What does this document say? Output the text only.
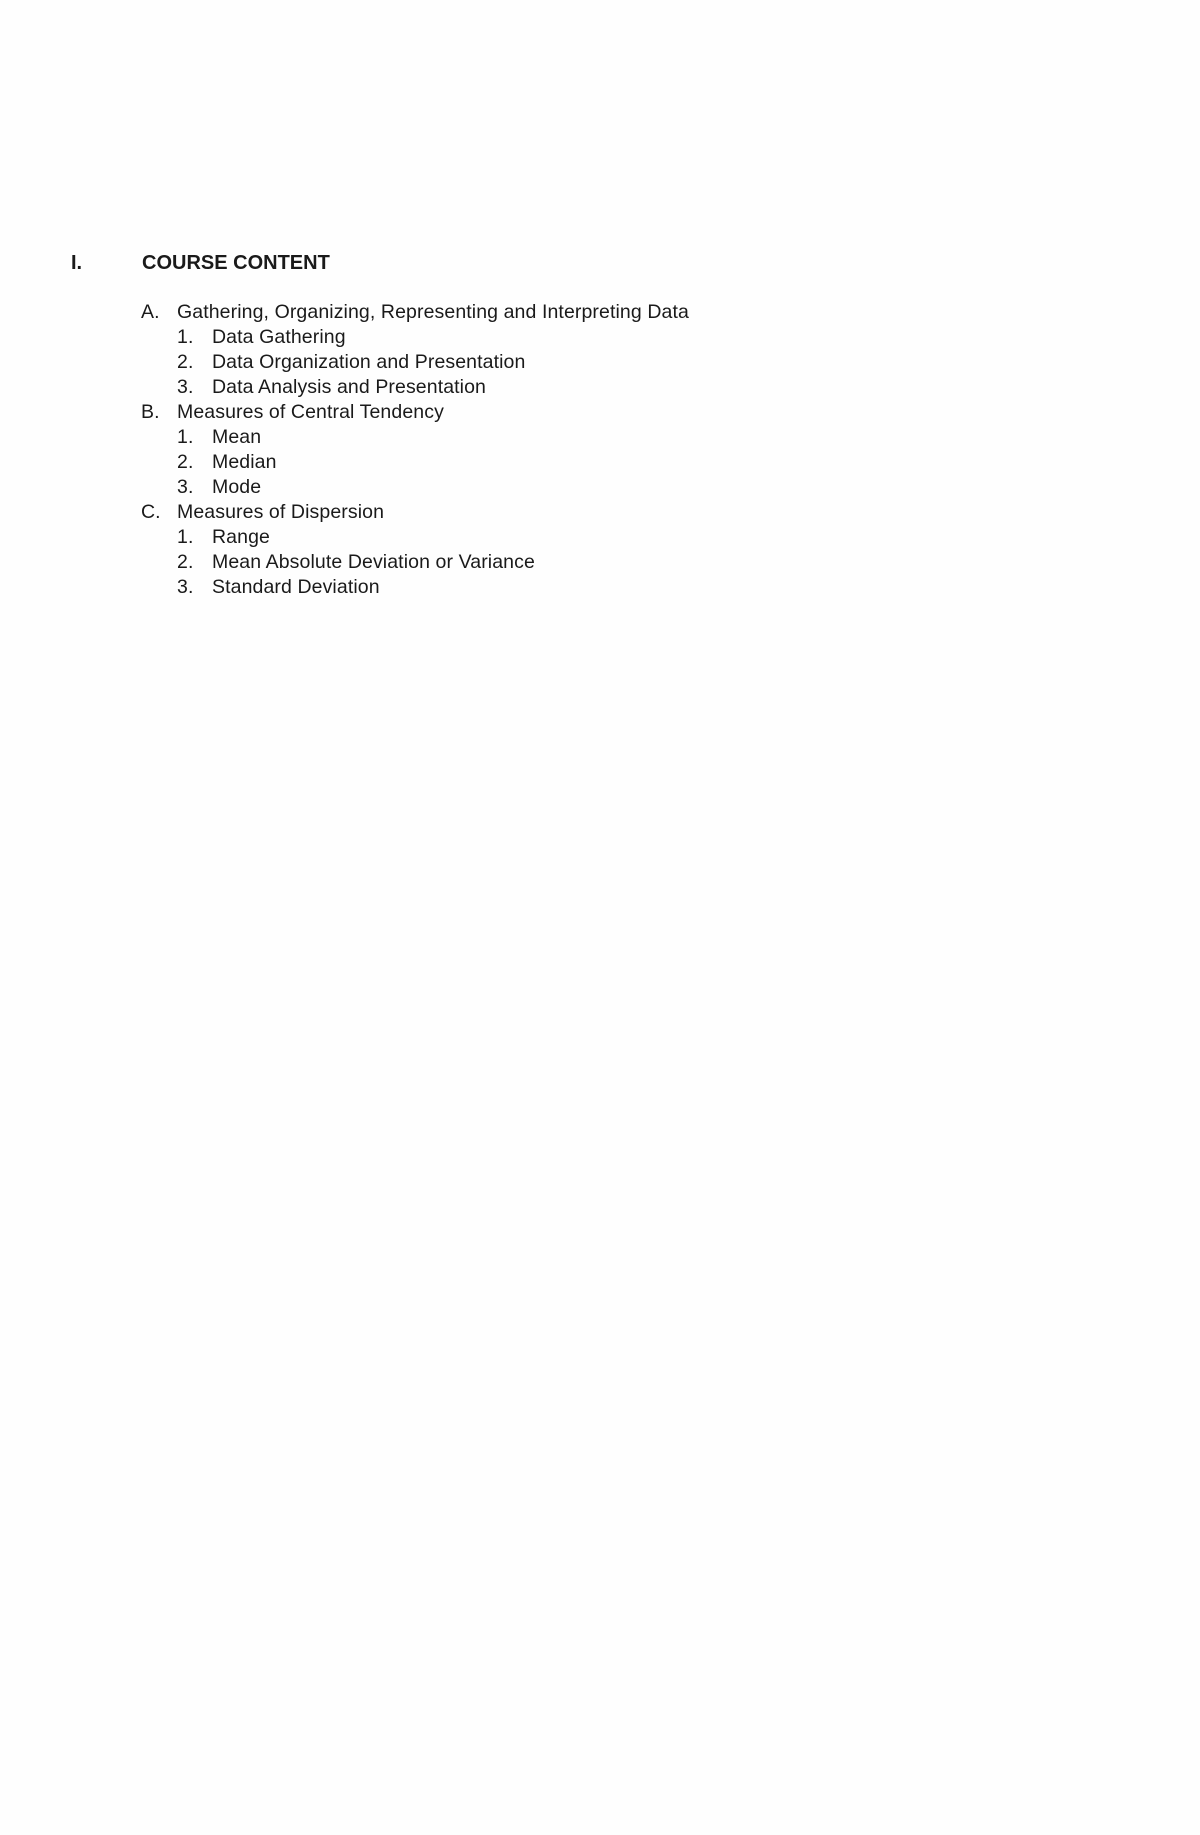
I.	COURSE CONTENT
A. Gathering, Organizing, Representing and Interpreting Data
1. Data Gathering
2. Data Organization and Presentation
3. Data Analysis and Presentation
B. Measures of Central Tendency
1. Mean
2. Median
3. Mode
C. Measures of Dispersion
1. Range
2. Mean Absolute Deviation or Variance
3. Standard Deviation
